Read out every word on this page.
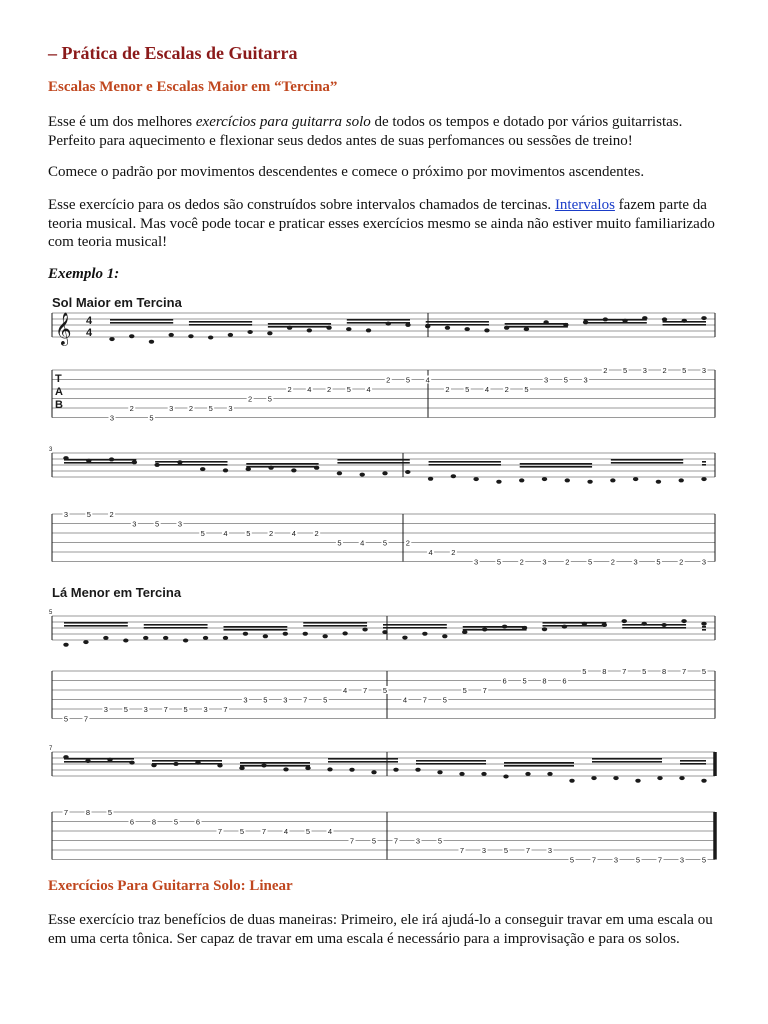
– Prática de Escalas de Guitarra
Escalas Menor e Escalas Maior em “Tercina”

Esse é um dos melhores exercícios para guitarra solo de todos os tempos e dotado por vários guitarristas. Perfeito para aquecimento e flexionar seus dedos antes de suas perfomances ou sessões de treino!

Comece o padrão por movimentos descendentes e comece o próximo por movimentos ascendentes.

Esse exercício para os dedos são construídos sobre intervalos chamados de tercinas. Intervalos fazem parte da teoria musical. Mas você pode tocar e praticar esses exercícios mesmo se ainda não estiver muito familiarizado com teoria musical!

Exemplo 1:

Sol Maior em Tercina
𝄞 4
4
T
A
B
3
2
5
3 2 5 3
2 5
2 4 2 5 4
2 5 4
2 5 4 2 5
3 5 3
2 5 3 2 5 3
3
3 5 2
3 5 3
5 4 5 2 4 2
5 4 5 2
4 2
3 5 2 3 2 5 2 3 5 2 3
Lá Menor em Tercina
5
5 7
3 5 3 7 5 3 7
3 5 3 7 5
4 7 5
4 7 5
5 7
6 5 8 6
5 8 7 5 8 7 5
7
7 8 5
6 8 5 6
7 5 7 4 5 4
7 5 7 3 5
7 3 5 7 3
5 7 3 5 7 3 5
Exercícios Para Guitarra Solo: Linear

Esse exercício traz benefícios de duas maneiras: Primeiro, ele irá ajudá-lo a conseguir travar em uma escala ou em uma certa tônica. Ser capaz de travar em uma escala é necessário para a improvisação e para os solos.
